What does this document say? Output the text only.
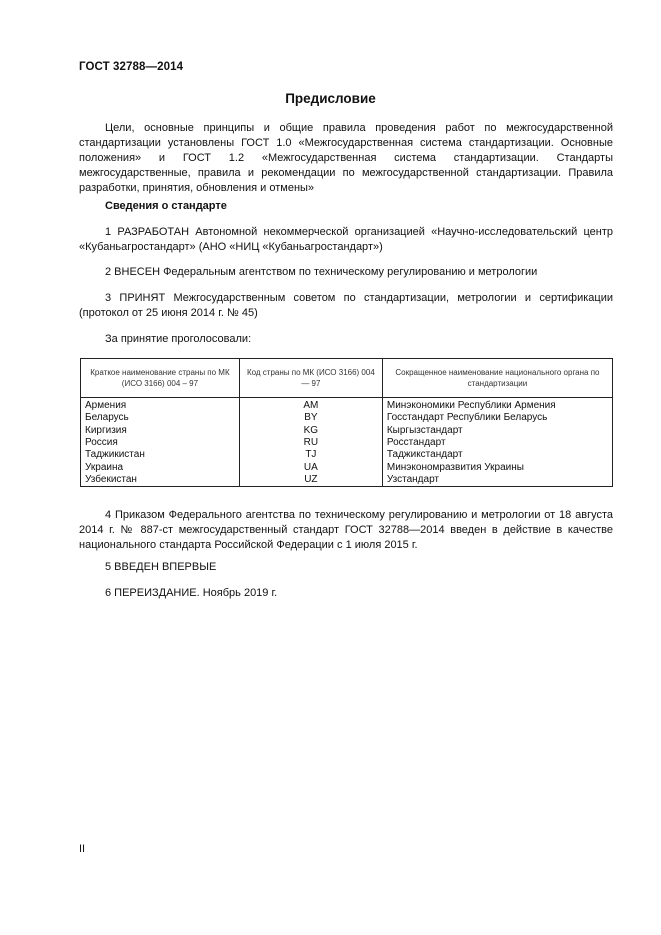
ГОСТ 32788—2014
Предисловие
Цели, основные принципы и общие правила проведения работ по межгосударственной стандартизации установлены ГОСТ 1.0 «Межгосударственная система стандартизации. Основные положения» и ГОСТ 1.2 «Межгосударственная система стандартизации. Стандарты межгосударственные, правила и рекомендации по межгосударственной стандартизации. Правила разработки, принятия, обновления и отмены»
Сведения о стандарте
1 РАЗРАБОТАН Автономной некоммерческой организацией «Научно-исследовательский центр «Кубаньагростандарт» (АНО «НИЦ «Кубаньагростандарт»)
2 ВНЕСЕН Федеральным агентством по техническому регулированию и метрологии
3 ПРИНЯТ Межгосударственным советом по стандартизации, метрологии и сертификации (протокол от 25 июня 2014 г. № 45)
За принятие проголосовали:
Краткое наименование страны по МК (ИСО 3166) 004 – 97	Код страны по МК (ИСО 3166) 004 — 97	Сокращенное наименование национального органа по стандартизации
Армения	AM	Минэкономики Республики Армения
Беларусь	BY	Госстандарт Республики Беларусь
Киргизия	KG	Кыргызстандарт
Россия	RU	Росстандарт
Таджикистан	TJ	Таджикстандарт
Украина	UA	Минэкономразвития Украины
Узбекистан	UZ	Узстандарт
4 Приказом Федерального агентства по техническому регулированию и метрологии от 18 августа 2014 г. № 887-ст межгосударственный стандарт ГОСТ 32788—2014 введен в действие в качестве национального стандарта Российской Федерации с 1 июля 2015 г.
5 ВВЕДЕН ВПЕРВЫЕ
6 ПЕРЕИЗДАНИЕ. Ноябрь 2019 г.
II
